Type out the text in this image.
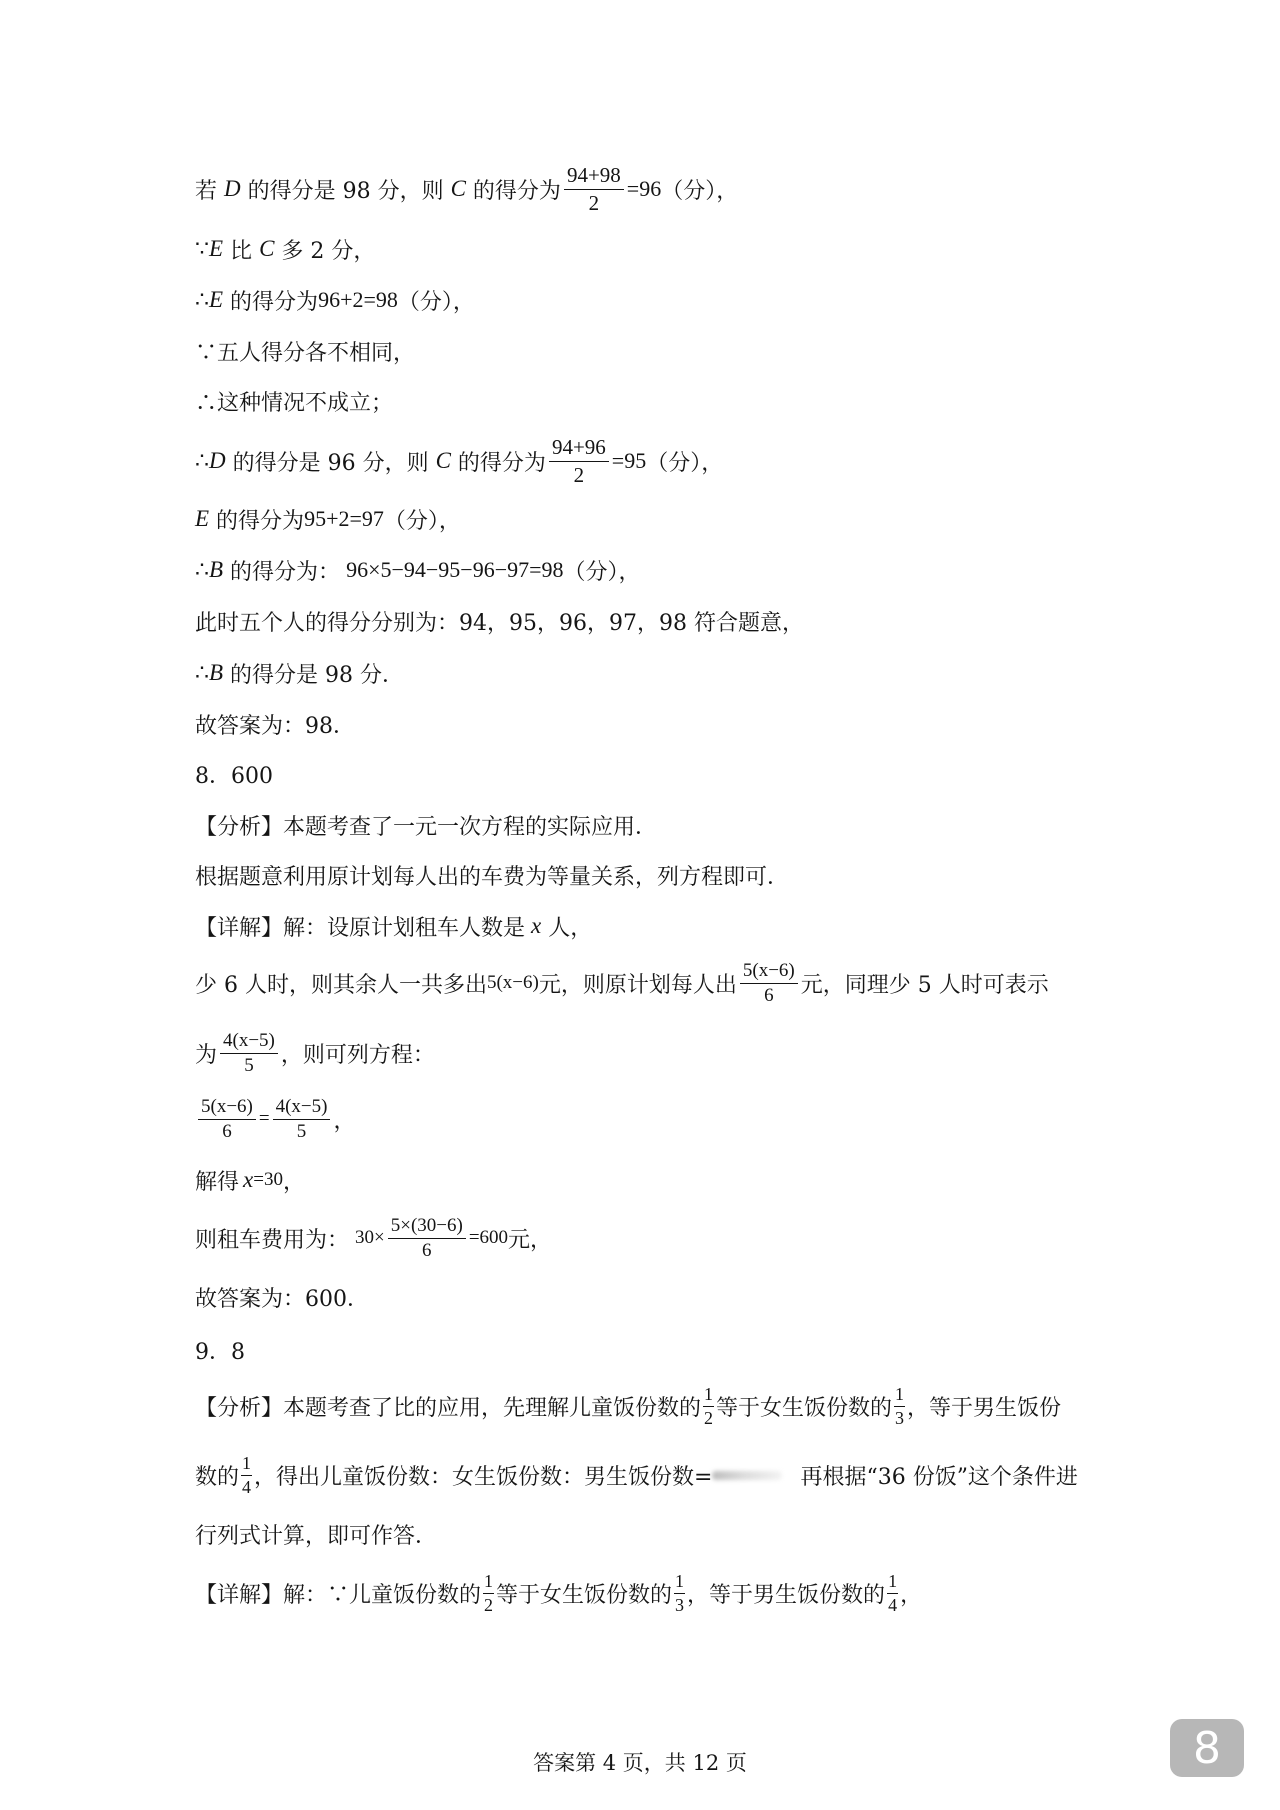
若 D 的得分是 98 分，则 C 的得分为 $\frac{94+98}{2} =96$ （分），
∵ E 比 C 多 2 分，
∴ E 的得分为 96+2=98 （分），
∵五人得分各不相同，
∴这种情况不成立；
∴ D 的得分是 96 分，则 C 的得分为 $\frac{94+96}{2} =95$ （分），
E 的得分为 95+2=97 （分），
∴ B 的得分为： 96×5−94−95−96−97=98 （分），
此时五个人的得分分别为：94，95，96，97，98 符合题意，
∴ B 的得分是 98 分．
故答案为：98．
8．600
【分析】 本题考查了一元一次方程的实际应用．
根据题意利用原计划每人出的车费为等量关系，列方程即可．
【详解】 解：设原计划租车人数是 x 人，
少 6 人时，则其余人一共多出 5(x−6) 元，则原计划每人出 $\frac{5(x-6)}{6}$ 元，同理少 5 人时可表示
为 $\frac{4(x-5)}{5}$ ，则可列方程：
$\frac{5(x-6)}{6} = \frac{4(x-5)}{5}$ ，
解得 x =30 ，
则租车费用为： $30\times \frac{5\times(30-6)}{6} =600$ 元，
故答案为：600．
9．8
【分析】 本题考查了比的应用，先理解儿童饭份数的 $\frac{1}{2}$ 等于女生饭份数的 $\frac{1}{3}$ ，等于男生饭份
数的 $\frac{1}{4}$ ，得出儿童饭份数：女生饭份数：男生饭份数=	再根据“36 份饭”这个条件进
行列式计算，即可作答．
【详解】 解：∵儿童饭份数的 $\frac{1}{2}$ 等于女生饭份数的 $\frac{1}{3}$ ，等于男生饭份数的 $\frac{1}{4}$ ，
答案第 4 页，共 12 页	8
